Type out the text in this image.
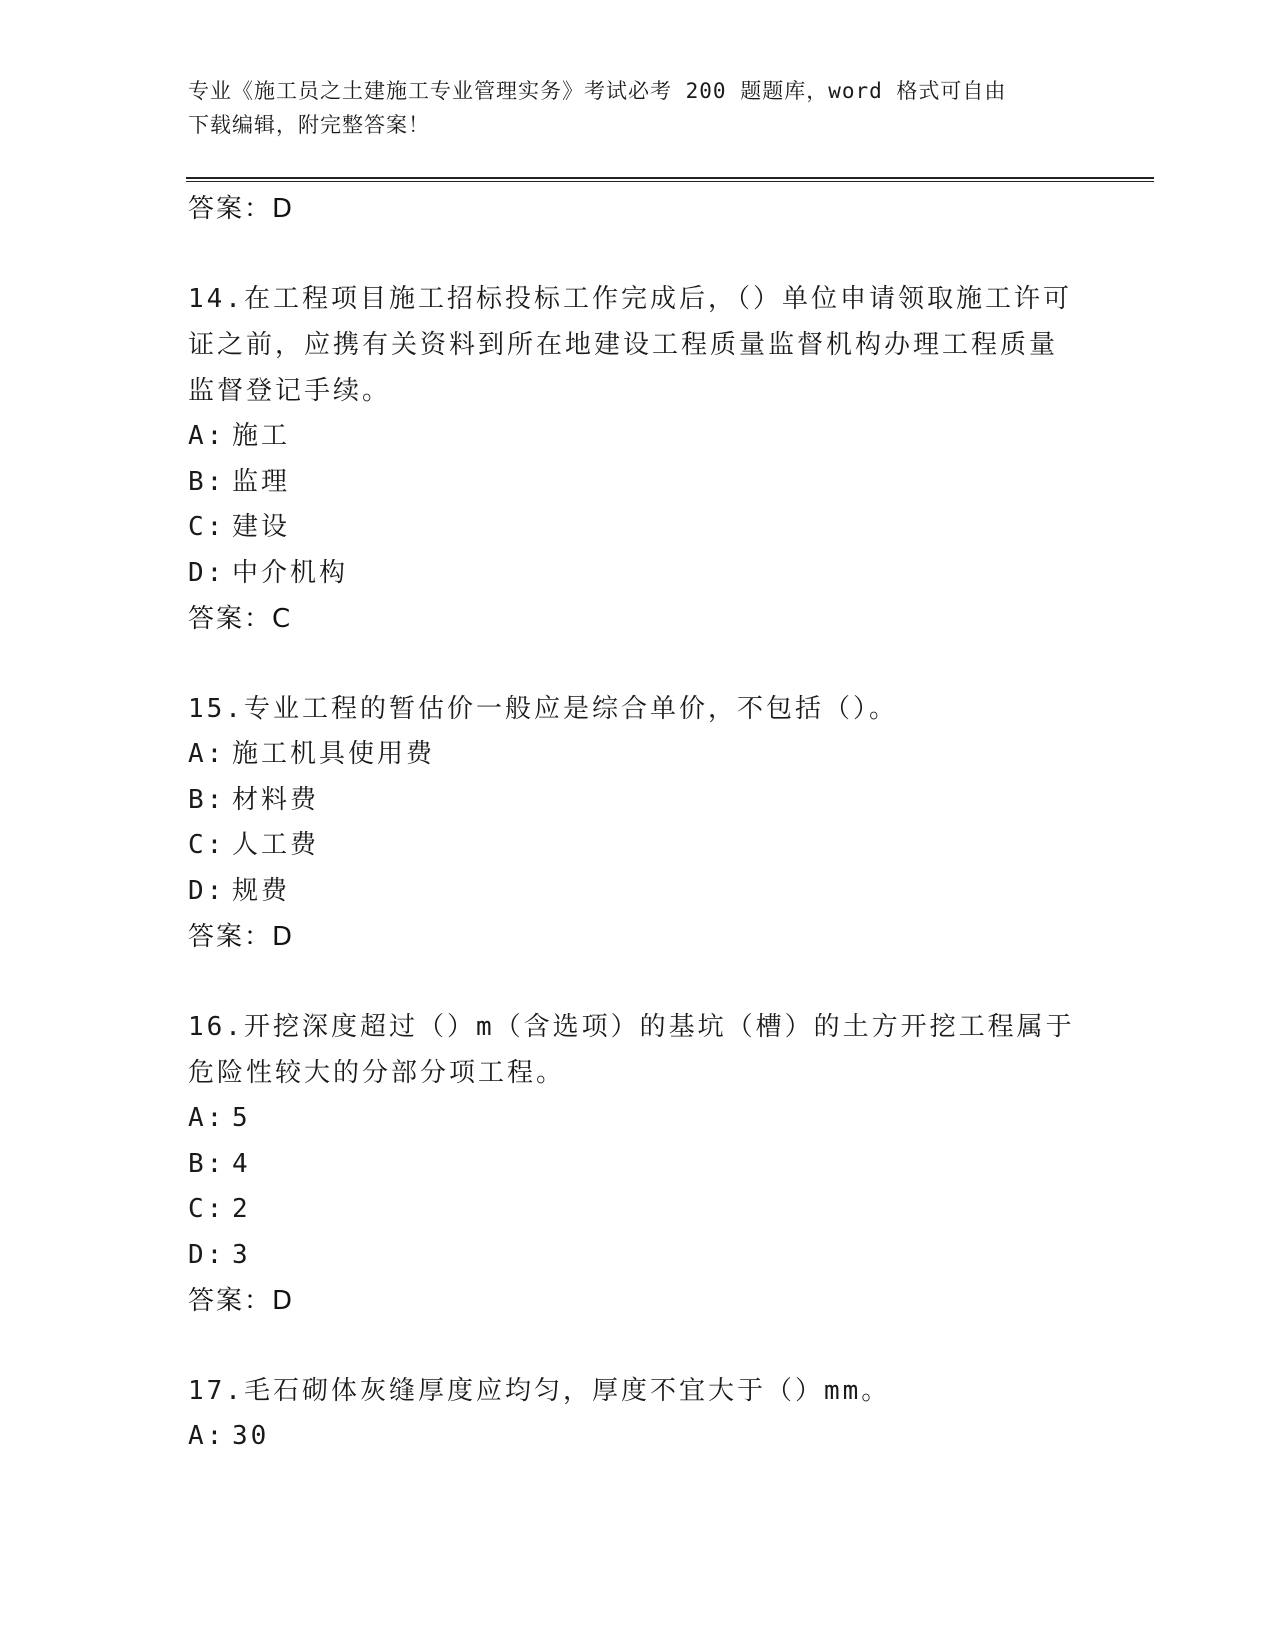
专业《施工员之土建施工专业管理实务》考试必考 200 题题库，word 格式可自由
下载编辑，附完整答案！
答案：D
14.在工程项目施工招标投标工作完成后，（）单位申请领取施工许可
证之前，应携有关资料到所在地建设工程质量监督机构办理工程质量
监督登记手续。
A: 施工
B: 监理
C: 建设
D: 中介机构
答案：C
15.专业工程的暂估价一般应是综合单价，不包括（）。
A: 施工机具使用费
B: 材料费
C: 人工费
D: 规费
答案：D
16.开挖深度超过（）m（含选项）的基坑（槽）的土方开挖工程属于
危险性较大的分部分项工程。
A: 5
B: 4
C: 2
D: 3
答案：D
17.毛石砌体灰缝厚度应均匀，厚度不宜大于（）mm。
A: 30
